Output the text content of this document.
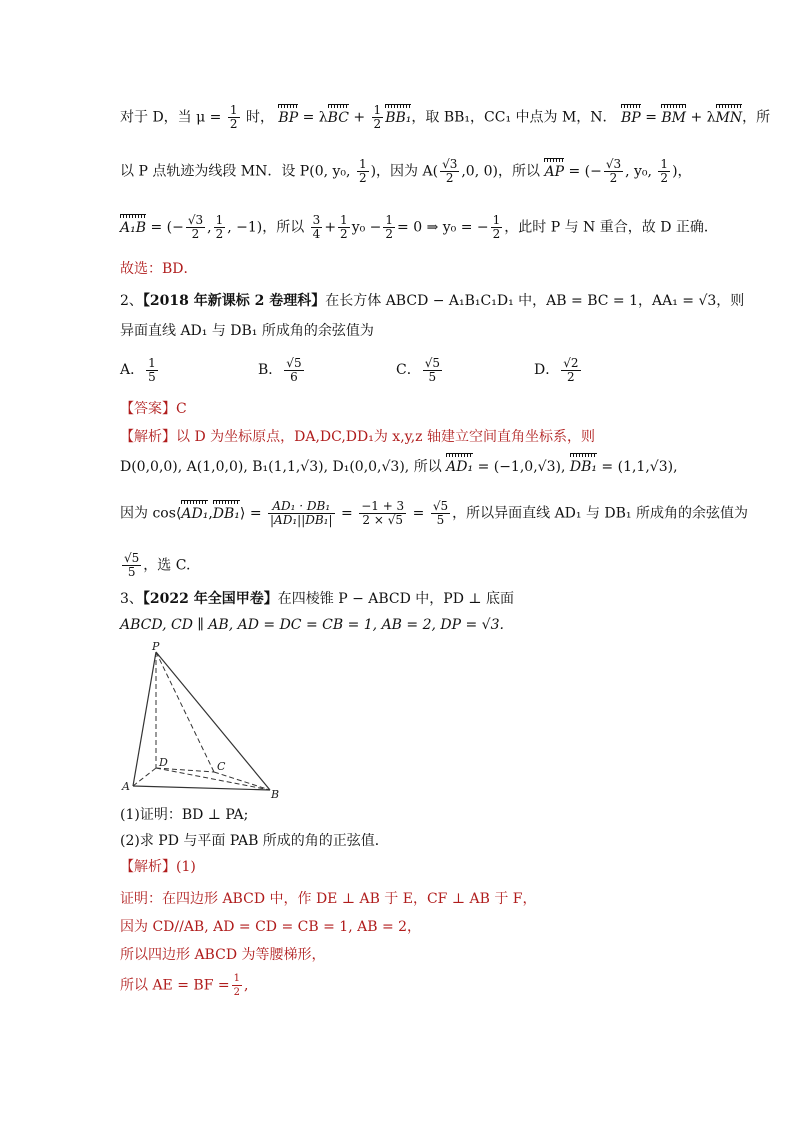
对于 D，当 $\mu = \frac{1}{2}$ 时， BP = $\lambda BC + \frac{1}{2} BB_1$，取 BB₁，CC₁ 中点为 M，N． BP = BM + λMN，所
以 P 点轨迹为线段 MN．设 P(0, y₀, $\frac{1}{2}$ )，因为 $A( \frac{√3}{2} ,0$, 0)，所以 AP = (− $\frac{√3}{2}$ , y₀, $\frac{1}{2}$ )，
A₁B = (− $\frac{√3}{2}$ , $\frac{1}{2}$ , −1)，所以 $\frac{3}{4} + \frac{1}{2} y_0 - \frac{1}{2} = 0$ ⇒ y₀ = − $\frac{1}{2}$ ，此时 P 与 N 重合，故 D 正确．
故选：BD．
2、【2018 年新课标 2 卷理科】在长方体 ABCD − A₁B₁C₁D₁ 中，AB = BC = 1，AA₁ = √3，则
异面直线 AD₁ 与 DB₁ 所成角的余弦值为
A． $\frac{1}{5}$	B． $\frac{√5}{6}$	C． $\frac{√5}{5}$	D． $\frac{√2}{2}$
【答案】C
【解析】以 D 为坐标原点，DA,DC,DD₁为 x,y,z 轴建立空间直角坐标系，则
D(0,0,0), A(1,0,0), B₁(1,1,√3), D₁(0,0,√3), 所以 AD₁ = (−1,0,√3), DB₁ = (1,1,√3),
因为 cos⟨AD₁,DB₁⟩ = $\frac{\text{AD₁ · DB₁}}{\text{|AD₁||DB₁|}} = \frac{-1 + 3}{2 \times √5} = \frac{√5}{5}$ ，所以异面直线 AD₁ 与 DB₁ 所成角的余弦值为
$\frac{√5}{5}$ ，选 C.
3、【2022 年全国甲卷】在四棱锥 P − ABCD 中，PD ⊥ 底面
ABCD, CD ∥ AB, AD = DC = CB = 1, AB = 2, DP = √3.
P
A
B
C
D
(1)证明：BD ⊥ PA;
(2)求 PD 与平面 PAB 所成的角的正弦值．
【解析】(1)
证明：在四边形 ABCD 中，作 DE ⊥ AB 于 E，CF ⊥ AB 于 F，
因为 CD//AB, AD = CD = CB = 1, AB = 2，
所以四边形 ABCD 为等腰梯形，
所以 AE = BF = $\frac{1}{2}$ ,
